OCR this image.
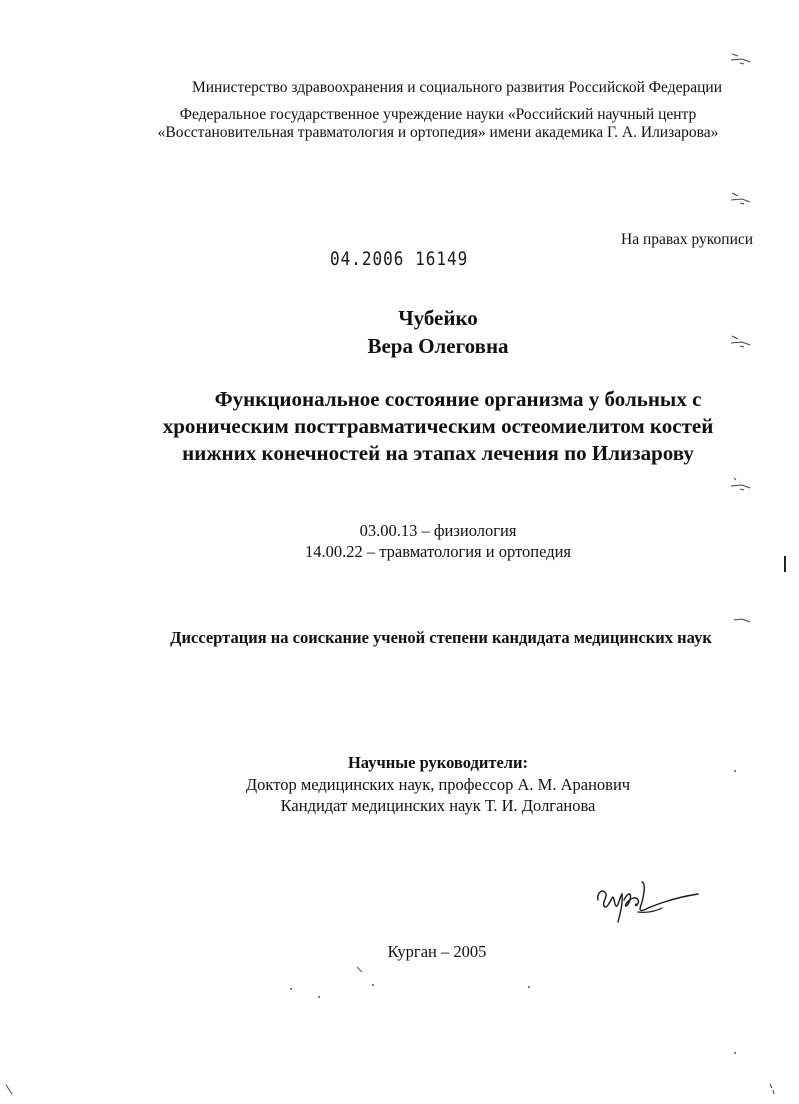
Министерство здравоохранения и социального развития Российской Федерации
Федеральное государственное учреждение науки «Российский научный центр
«Восстановительная травматология и ортопедия» имени академика Г. А. Илизарова»
На правах рукописи
04.2006 16149
Чубейко
Вера Олеговна
Функциональное состояние организма у больных с
хроническим посттравматическим остеомиелитом костей
нижних конечностей на этапах лечения по Илизарову
03.00.13 – физиология
14.00.22 – травматология и ортопедия
Диссертация на соискание ученой степени кандидата медицинских наук
Научные руководители:
Доктор медицинских наук, профессор А. М. Аранович
Кандидат медицинских наук Т. И. Долганова
Курган – 2005
